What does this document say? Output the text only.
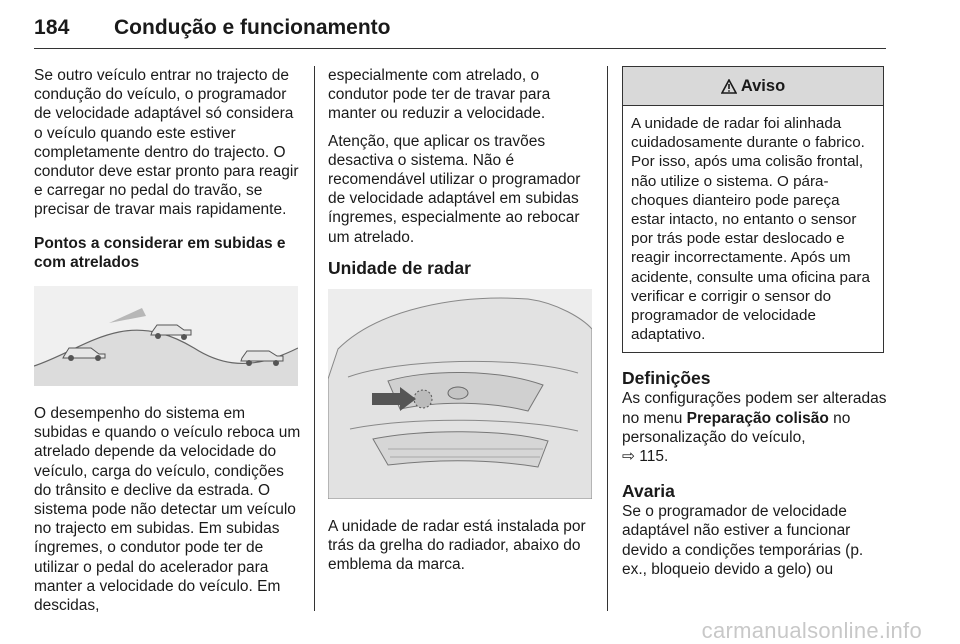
184 Condução e funcionamento

Se outro veículo entrar no trajecto de condução do veículo, o programador de velocidade adaptável só considera o veículo quando este estiver completamente dentro do trajecto. O condutor deve estar pronto para reagir e carregar no pedal do travão, se precisar de travar mais rapidamente.

Pontos a considerar em subidas e com atrelados

O desempenho do sistema em subidas e quando o veículo reboca um atrelado depende da velocidade do veículo, carga do veículo, condições do trânsito e declive da estrada. O sistema pode não detectar um veículo no trajecto em subidas. Em subidas íngremes, o condutor pode ter de utilizar o pedal do acelerador para manter a velocidade do veículo. Em descidas,

especialmente com atrelado, o condutor pode ter de travar para manter ou reduzir a velocidade.

Atenção, que aplicar os travões desactiva o sistema. Não é recomendável utilizar o programador de velocidade adaptável em subidas íngremes, especialmente ao rebocar um atrelado.

Unidade de radar

A unidade de radar está instalada por trás da grelha do radiador, abaixo do emblema da marca.

Aviso

A unidade de radar foi alinhada cuidadosamente durante o fabrico. Por isso, após uma colisão frontal, não utilize o sistema. O pára-choques dianteiro pode pareça estar intacto, no entanto o sensor por trás pode estar deslocado e reagir incorrectamente. Após um acidente, consulte uma oficina para verificar e corrigir o sensor do programador de velocidade adaptativo.

Definições

As configurações podem ser alteradas no menu Preparação colisão no personalização do veículo,
⇨ 115.

Avaria

Se o programador de velocidade adaptável não estiver a funcionar devido a condições temporárias (p. ex., bloqueio devido a gelo) ou

carmanualsonline.info
